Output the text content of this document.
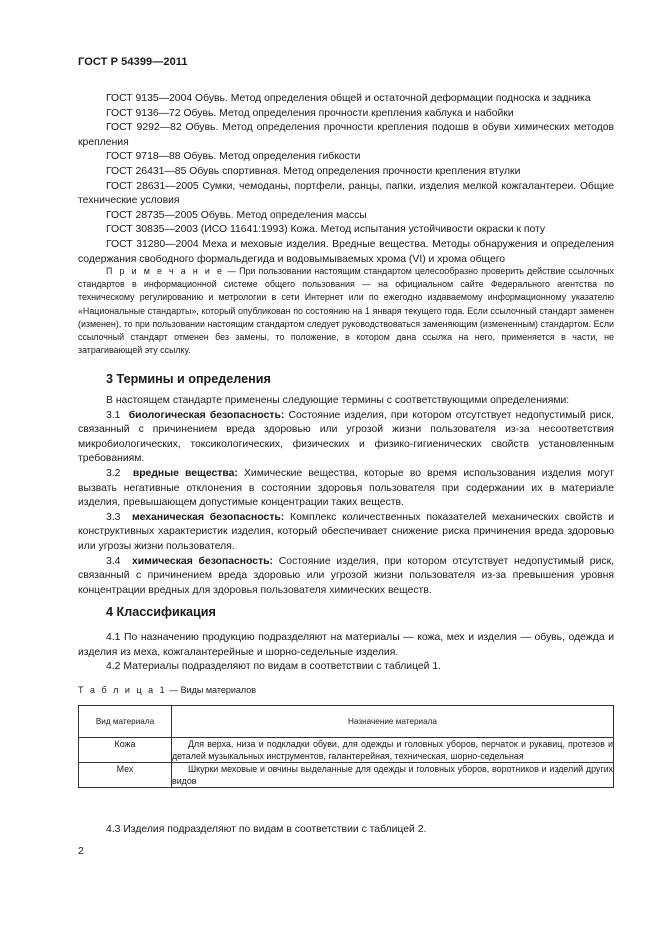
ГОСТ Р 54399—2011

ГОСТ 9135—2004 Обувь. Метод определения общей и остаточной деформации подноска и задника

ГОСТ 9136—72 Обувь. Метод определения прочности крепления каблука и набойки

ГОСТ 9292—82 Обувь. Метод определения прочности крепления подошв в обуви химических методов крепления

ГОСТ 9718—88 Обувь. Метод определения гибкости

ГОСТ 26431—85 Обувь спортивная. Метод определения прочности крепления втулки

ГОСТ 28631—2005 Сумки, чемоданы, портфели, ранцы, папки, изделия мелкой кожгалантереи. Общие технические условия

ГОСТ 28735—2005 Обувь. Метод определения массы

ГОСТ 30835—2003 (ИСО 11641:1993) Кожа. Метод испытания устойчивости окраски к поту

ГОСТ 31280—2004 Меха и меховые изделия. Вредные вещества. Методы обнаружения и определения содержания свободного формальдегида и водовымываемых хрома (VI) и хрома общего

П р и м е ч а н и е — При пользовании настоящим стандартом целесообразно проверить действие ссылочных стандартов в информационной системе общего пользования — на официальном сайте Федерального агентства по техническому регулированию и метрологии в сети Интернет или по ежегодно издаваемому информационному указателю «Национальные стандарты», который опубликован по состоянию на 1 января текущего года. Если ссылочный стандарт заменен (изменен), то при пользовании настоящим стандартом следует руководствоваться заменяющим (измененным) стандартом. Если ссылочный стандарт отменен без замены, то положение, в котором дана ссылка на него, применяется в части, не затрагивающей эту ссылку.

3 Термины и определения

В настоящем стандарте применены следующие термины с соответствующими определениями:

3.1 биологическая безопасность: Состояние изделия, при котором отсутствует недопустимый риск, связанный с причинением вреда здоровью или угрозой жизни пользователя из-за несоответствия микробиологических, токсикологических, физических и физико-гигиенических свойств установленным требованиям.

3.2 вредные вещества: Химические вещества, которые во время использования изделия могут вызвать негативные отклонения в состоянии здоровья пользователя при содержании их в материале изделия, превышающем допустимые концентрации таких веществ.

3.3 механическая безопасность: Комплекс количественных показателей механических свойств и конструктивных характеристик изделия, который обеспечивает снижение риска причинения вреда здоровью или угрозы жизни пользователя.

3.4 химическая безопасность: Состояние изделия, при котором отсутствует недопустимый риск, связанный с причинением вреда здоровью или угрозой жизни пользователя из-за превышения уровня концентрации вредных для здоровья пользователя химических веществ.

4 Классификация

4.1 По назначению продукцию подразделяют на материалы — кожа, мех и изделия — обувь, одежда и изделия из меха, кожгалантерейные и шорно-седельные изделия.

4.2 Материалы подразделяют по видам в соответствии с таблицей 1.

Т а б л и ц а 1 — Виды материалов
Вид материала	Назначение материала
Кожа	Для верха, низа и подкладки обуви, для одежды и головных уборов, перчаток и рукавиц, протезов и деталей музыкальных инструментов, галантерейная, техническая, шорно-седельная
Мех	Шкурки меховые и овчины выделанные для одежды и головных уборов, воротников и изделий других видов
4.3 Изделия подразделяют по видам в соответствии с таблицей 2.
2
